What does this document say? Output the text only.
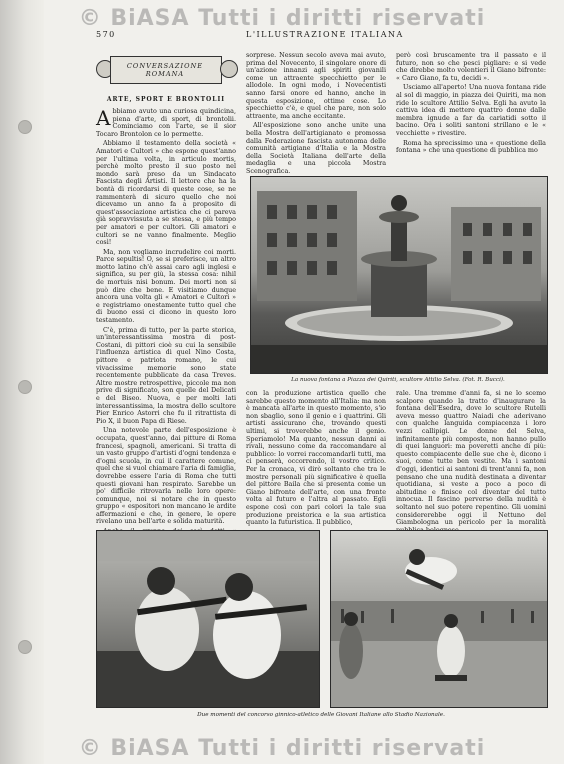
© BiASA Tutti i diritti riservati
© BiASA Tutti i diritti riservati
570	L'ILLUSTRAZIONE ITALIANA
CONVERSAZIONE
ROMANA
ARTE, SPORT E BRONTOLII

Abbiamo avuto una curiosa quindicina, piena d'arte, di sport, di brontolii. Cominciamo con l'arte, se il sior Tocaro Brontolon ce lo permette.

Abbiamo il testamento della società « Amatori e Cultori » che espone quest'anno per l'ultima volta, in articulo mortis, perchè molto presto il suo posto nel mondo sarà preso da un Sindacato Fascista degli Artisti. Il lettore che ha la bontà di ricordarsi di queste cose, se ne rammenterà di sicuro quello che noi dicevamo un anno fa a proposito di quest'associazione artistica che ci pareva già sopravvissuta a se stessa, e più tempo per amatori e per cultori. Gli amatori e cultori se ne vanno finalmente. Meglio così!

Ma, non vogliamo incrudelire coi morti. Parce sepultis! O, se si preferisce, un altro motto latino ch'è assai caro agli inglesi e significa, su per giù, la stessa cosa: nihil de mortuis nisi bonum. Dei morti non si può dire che bene. E visitiamo dunque ancora una volta gli « Amatori e Cultori » e registriamo onestamente tutto quel che di buono essi ci dicono in questo loro testamento.

C'è, prima di tutto, per la parte storica, un'interessantissima mostra di post-Costani, di pittori cioè su cui la sensibile l'influenza artistica di quel Nino Costa, pittore e patriota romano, le cui vivacissime memorie sono state recentemente pubblicate da casa Treves. Altre mostre retrospettive, piccole ma non prive di significato, son quelle del Delicati e del Biseo. Nuova, e per molti lati interessantissima, la mostra dello scultore Pier Enrico Astorri che fu il ritrattista di Pio X, il buon Papa di Riese.

Una notevole parte dell'esposizione è occupata, quest'anno, dai pitture di Roma francesi, spagnoli, americani. Si tratta di un vasto gruppo d'artisti d'ogni tendenza e d'ogni scuola, in cui il carattere comune, quel che si vuol chiamare l'aria di famiglia, dovrebbe essere l'aria di Roma che tutti questi giovani han respirato. Sarebbe un po' difficile ritrovarla nelle loro opere: comunque, noi si notare che in questo gruppo « espositori non mancano le ardite affermazioni e che, in genere, le opere rivelano una bell'arte e solida maturità.

sorprese. Nessun secolo aveva mai avuto, prima del Novecento, il singolare onore di un'azione innanzi agli spiriti giovanili come un attraente specchietto per le allodole. In ogni modo, i Novecentisti sanno farsi onore ed hanno, anche in questa esposizione, ottime cose. Lo specchietto c'è, e quel che pare, non solo attraente, ma anche eccitante.

All'esposizione sono anche unite una bella Mostra dell'artigianato e promossa dalla Federazione fascista autonoma delle comunità artigiane d'Italia e la Mostra della Società Italiana dell'arte della medaglia e una piccola Mostra Scenografica.

però così bruscamente tra il passato e il futuro, non so che pesci pigliare: e si vede che direbbe molto volentieri il Giano bifronte: « Caro Giano, fa tu, decidi ».

Usciamo all'aperto! Una nuova fontana ride al sol di maggio, in piazza dei Quiriti, ma non ride lo scultore Attilio Selva. Egli ha avuto la cattiva idea di mettere quattro donne dalle membra ignude a far da cariatidi sotto il bacino. Ora i soliti santoni strillano e le « vecchiette » rivestire.

Roma ha sprecissimo una « questione della fontana » che una questione di pubblica mo

La nuova fontana a Piazza dei Quiriti, scultore Attilio Selva. (Fot. R. Bucci).

con la produzione artistica quello che sarebbe questo momento all'Italia: ma non è mancata all'arte in questo momento, s'io non sbaglio, sono il genio e i quattrini. Gli artisti assicurano che, trovando questi ultimi, si troverebbe anche il genio. Speriamolo! Ma quanto, nessun danni ai rivali, nessuno come da raccomandare al pubblico: lo vorrei raccomandarli tutti, ma ci penserà, occorrendo, il vostro critico. Per la cronaca, vi dirò soltanto che tra le mostre personali più significative è quella del pittore Baila che si presenta come un Giano bifronte dell'arte, con una fronte volta al futuro e l'altra al passato. Egli espone così con pari colori la tale sua produzione preistorica e la sua artistica quanto la futuristica. Il pubblico,

rale. Una tremme d'anni fa, si ne lo scemo scalpore quando la tratto d'inaugurare la fontana dell'Esedra, dove lo scultore Rutelli aveva messo quattro Naiadi che aderivano con qualche languida compiacenza i loro vezzi callipigi. Le donne del Selva, infinitamente più composte, non hanno pullo di quei languori: ma poveretti anche di più: questo compiacente delle sue che è, dicono i suoi, come tutte ben vestite. Ma i santoni d'oggi, identici ai santoni di trent'anni fa, non pensano che una nudità destinata a diventar quotidiana, si veste a poco a poco di abitudine e finisce col diventar del tutto innocua. Il fascino perverso della nudità è soltanto nel suo potere repentino. Gli uomini considererebbe oggi il Nettuno del Giambologna un pericolo per la moralità

Due momenti del concorso ginnico-atletico delle Giovani Italiane allo Stadio Nazionale.
